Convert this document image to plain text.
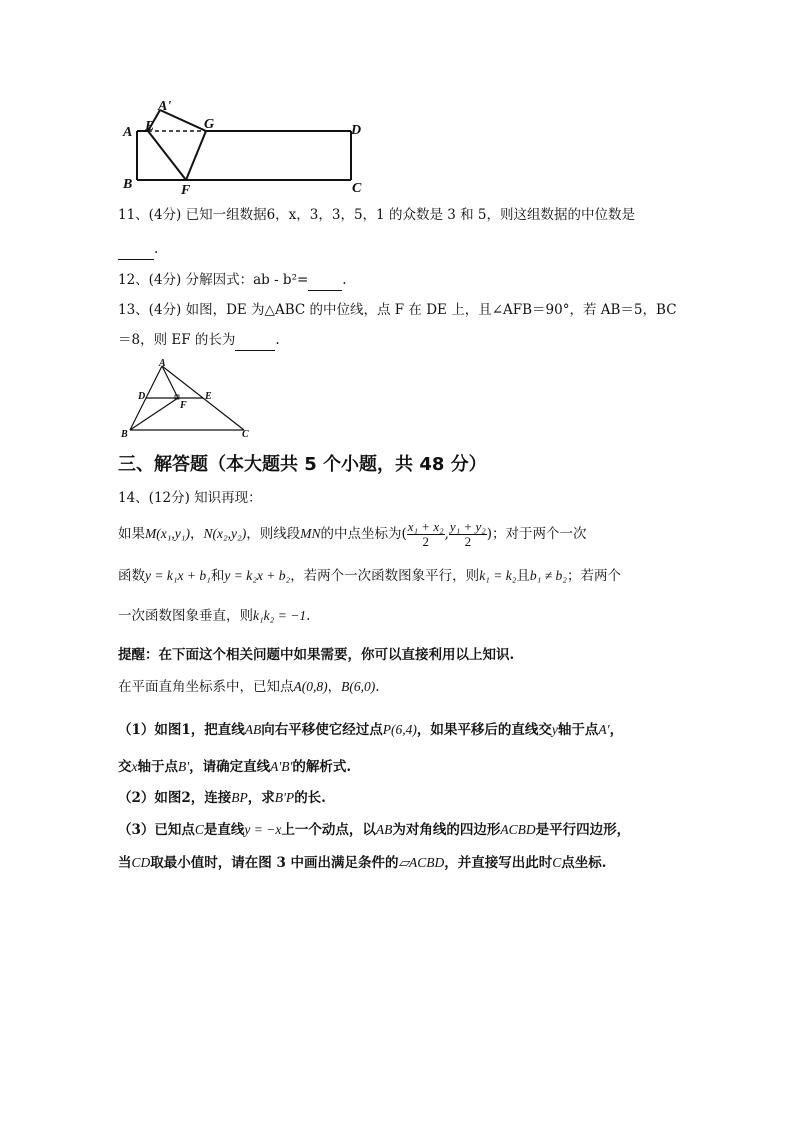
A
A'
E	G	D
B	F	C
11、(4分) 已知一组数据6，x，3，3，5，1 的众数是 3 和 5，则这组数据的中位数是
.
12、(4分) 分解因式：ab - b²=	.
13、(4分) 如图，DE 为△ABC 的中位线，点 F 在 DE 上，且∠AFB＝90°，若 AB＝5，BC
＝8，则 EF 的长为	.
A
D	E
F
B	C
三、解答题（本大题共 5 个小题，共 48 分）
14、(12分) 知识再现：
如果M(x₁,y₁)，N(x₂,y₂)，则线段MN的中点坐标为( $\frac{\text{x₁ + x₂}}{2}$ , $\frac{\text{y₁ + y₂}}{2}$ )；对于两个一次
函数y = k₁x + b₁和y = k₂x + b₂，若两个一次函数图象平行，则k₁ = k₂且b₁ ≠ b₂；若两个
一次函数图象垂直，则k₁k₂ = −1.
提醒：在下面这个相关问题中如果需要，你可以直接利用以上知识.
在平面直角坐标系中，已知点A(0,8)，B(6,0).
（1）如图1，把直线AB向右平移使它经过点P(6,4)，如果平移后的直线交y轴于点A'，
交x轴于点B'，请确定直线A'B'的解析式.
（2）如图2，连接BP，求B'P的长.
（3）已知点C是直线y = −x上一个动点，以AB为对角线的四边形ACBD是平行四边形，
当CD取最小值时，请在图 3 中画出满足条件的▱ACBD，并直接写出此时C点坐标.
